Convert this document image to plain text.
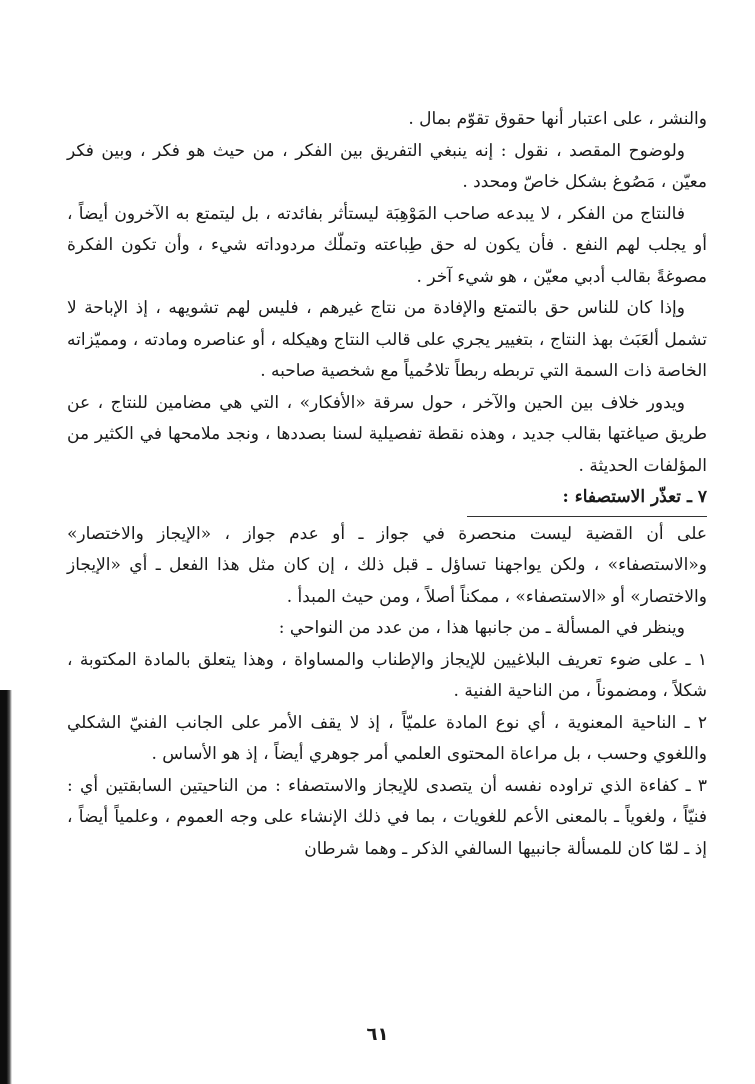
والنشر ، على اعتبار أنها حقوق تقوّم بمال .

ولوضوح المقصد ، نقول : إنه ينبغي التفريق بين الفكر ، من حيث هو فكر ، وبين فكر معيّن ، مَصُوغ بشكل خاصّ ومحدد .

فالنتاج من الفكر ، لا يبدعه صاحب المَوْهِبَة ليستأثر بفائدته ، بل ليتمتع به الآخرون أيضاً ، أو يجلب لهم النفع . فأن يكون له حق طِباعته وتملّك مردوداته شيء ، وأن تكون الفكرة مصوغةً بقالب أدبي معيّن ، هو شيء آخر .

وإذا كان للناس حق بالتمتع والإفادة من نتاج غيرهم ، فليس لهم تشويهه ، إذ الإباحة لا تشمل ألعَبَث بهذ النتاج ، بتغيير يجري على قالب النتاج وهيكله ، أو عناصره ومادته ، ومميّزاته الخاصة ذات السمة التي تربطه ربطاً تلاحُمياً مع شخصية صاحبه .

ويدور خلاف بين الحين والآخر ، حول سرقة «الأفكار» ، التي هي مضامين للنتاج ، عن طريق صياغتها بقالب جديد ، وهذه نقطة تفصيلية لسنا بصددها ، ونجد ملامحها في الكثير من المؤلفات الحديثة .

٧ ـ تعذّر الاستصفاء :

على أن القضية ليست منحصرة في جواز ـ أو عدم جواز ، «الإيجاز والاختصار» و«الاستصفاء» ، ولكن يواجهنا تساؤل ـ قبل ذلك ، إن كان مثل هذا الفعل ـ أي «الإيجاز والاختصار» أو «الاستصفاء» ، ممكناً أصلاً ، ومن حيث المبدأ .

وينظر في المسألة ـ من جانبها هذا ، من عدد من النواحي :

١ ـ على ضوء تعريف البلاغيين للإيجاز والإطناب والمساواة ، وهذا يتعلق بالمادة المكتوبة ، شكلاً ، ومضموناً ، من الناحية الفنية .

٢ ـ الناحية المعنوية ، أي نوع المادة علميّاً ، إذ لا يقف الأمر على الجانب الفنيّ الشكلي واللغوي وحسب ، بل مراعاة المحتوى العلمي أمر جوهري أيضاً ، إذ هو الأساس .

٣ ـ كفاءة الذي تراوده نفسه أن يتصدى للإيجاز والاستصفاء : من الناحيتين السابقتين أي : فنيّاً ، ولغوياً ـ بالمعنى الأعم للغويات ، بما في ذلك الإنشاء على وجه العموم ، وعلمياً أيضاً ، إذ ـ لمّا كان للمسألة جانبيها السالفي الذكر ـ وهما شرطان

٦١
